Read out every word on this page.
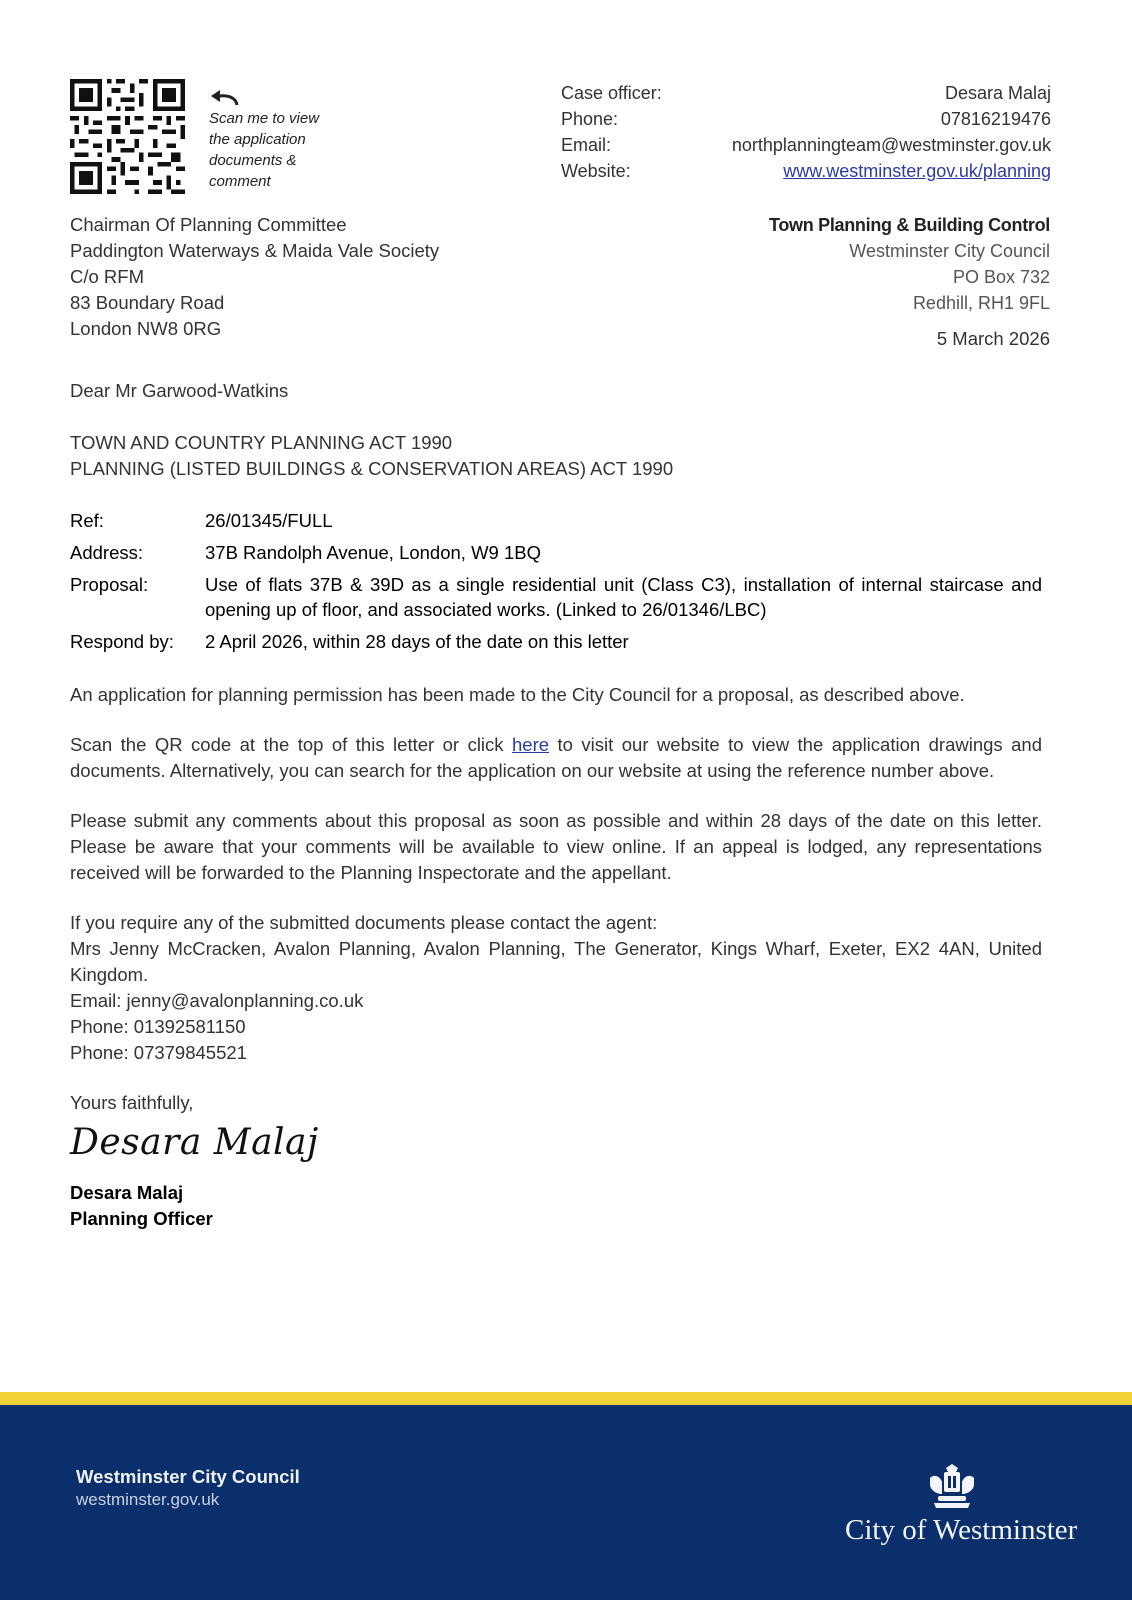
Scan me to view
the application
documents &
comment
Case officer:	Desara Malaj
Phone:	07816219476
Email:	northplanningteam@westminster.gov.uk
Website:	www.westminster.gov.uk/planning
Chairman Of Planning Committee
Paddington Waterways & Maida Vale Society
C/o RFM
83 Boundary Road
London NW8 0RG
Town Planning & Building Control
Westminster City Council
PO Box 732
Redhill, RH1 9FL
5 March 2026
Dear Mr Garwood-Watkins
TOWN AND COUNTRY PLANNING ACT 1990
PLANNING (LISTED BUILDINGS & CONSERVATION AREAS) ACT 1990
Ref:	26/01345/FULL
Address:	37B Randolph Avenue, London, W9 1BQ
Proposal:	Use of flats 37B & 39D as a single residential unit (Class C3), installation of internal staircase and opening up of floor, and associated works. (Linked to 26/01346/LBC)
Respond by:	2 April 2026, within 28 days of the date on this letter

An application for planning permission has been made to the City Council for a proposal, as described above.

Scan the QR code at the top of this letter or click here to visit our website to view the application drawings and documents. Alternatively, you can search for the application on our website at using the reference number above.

Please submit any comments about this proposal as soon as possible and within 28 days of the date on this letter. Please be aware that your comments will be available to view online. If an appeal is lodged, any representations received will be forwarded to the Planning Inspectorate and the appellant.

If you require any of the submitted documents please contact the agent:
Mrs Jenny McCracken, Avalon Planning, Avalon Planning, The Generator, Kings Wharf, Exeter, EX2 4AN, United Kingdom.
Email: jenny@avalonplanning.co.uk
Phone: 01392581150
Phone: 07379845521
Yours faithfully,
Desara Malaj
Desara Malaj
Planning Officer
Westminster City Council
westminster.gov.uk
City of Westminster
